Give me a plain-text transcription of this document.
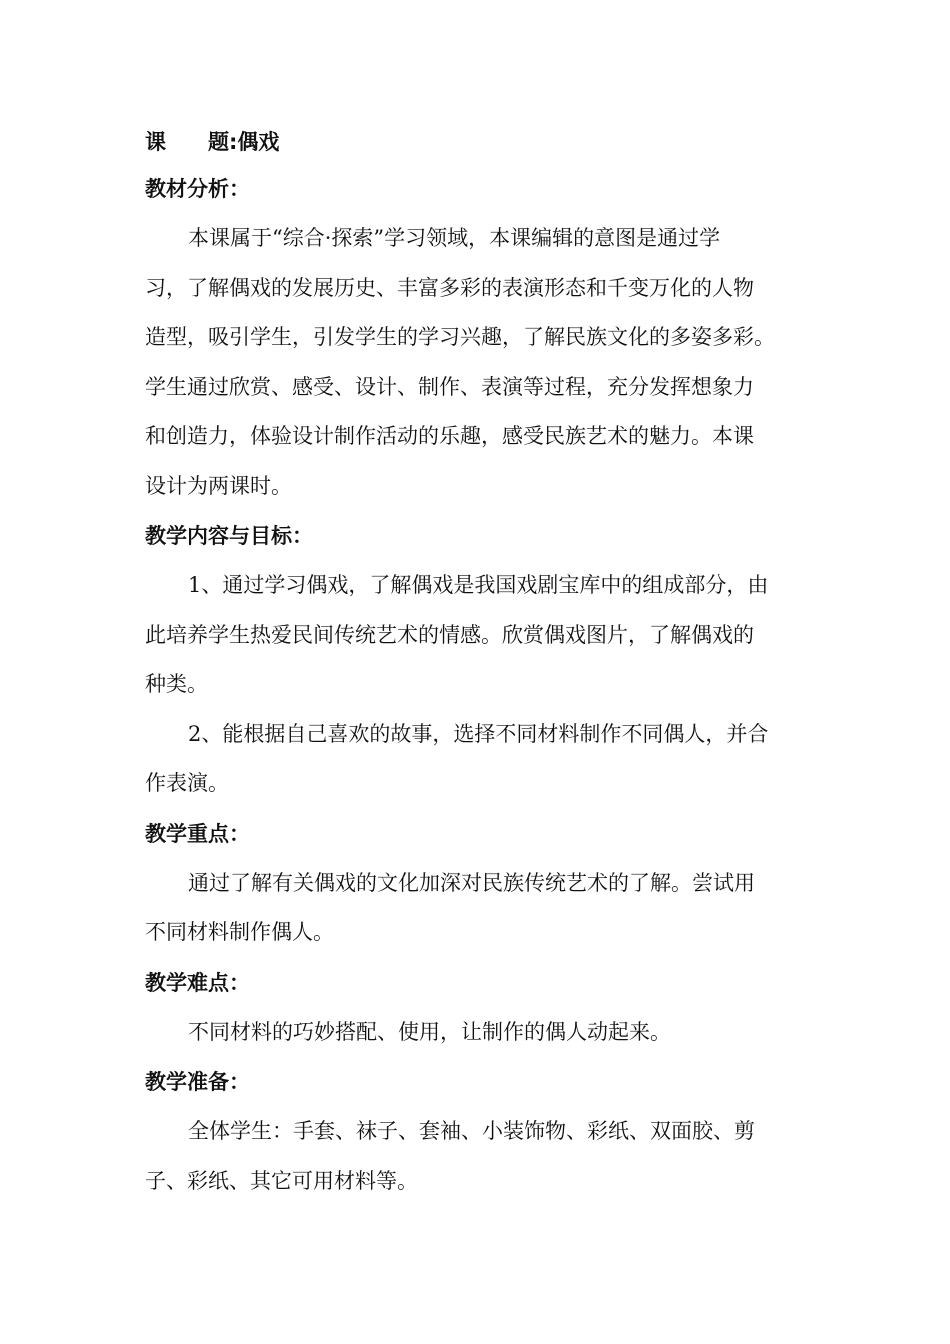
课 题:偶戏
教材分析：
本课属于“综合·探索”学习领域，本课编辑的意图是通过学
习，了解偶戏的发展历史、丰富多彩的表演形态和千变万化的人物
造型，吸引学生，引发学生的学习兴趣，了解民族文化的多姿多彩。
学生通过欣赏、感受、设计、制作、表演等过程，充分发挥想象力
和创造力，体验设计制作活动的乐趣，感受民族艺术的魅力。本课
设计为两课时。
教学内容与目标：
1、通过学习偶戏，了解偶戏是我国戏剧宝库中的组成部分，由
此培养学生热爱民间传统艺术的情感。欣赏偶戏图片，了解偶戏的
种类。
2、能根据自己喜欢的故事，选择不同材料制作不同偶人，并合
作表演。
教学重点：
通过了解有关偶戏的文化加深对民族传统艺术的了解。尝试用
不同材料制作偶人。
教学难点：
不同材料的巧妙搭配、使用，让制作的偶人动起来。
教学准备：
全体学生：手套、袜子、套袖、小装饰物、彩纸、双面胶、剪
子、彩纸、其它可用材料等。
